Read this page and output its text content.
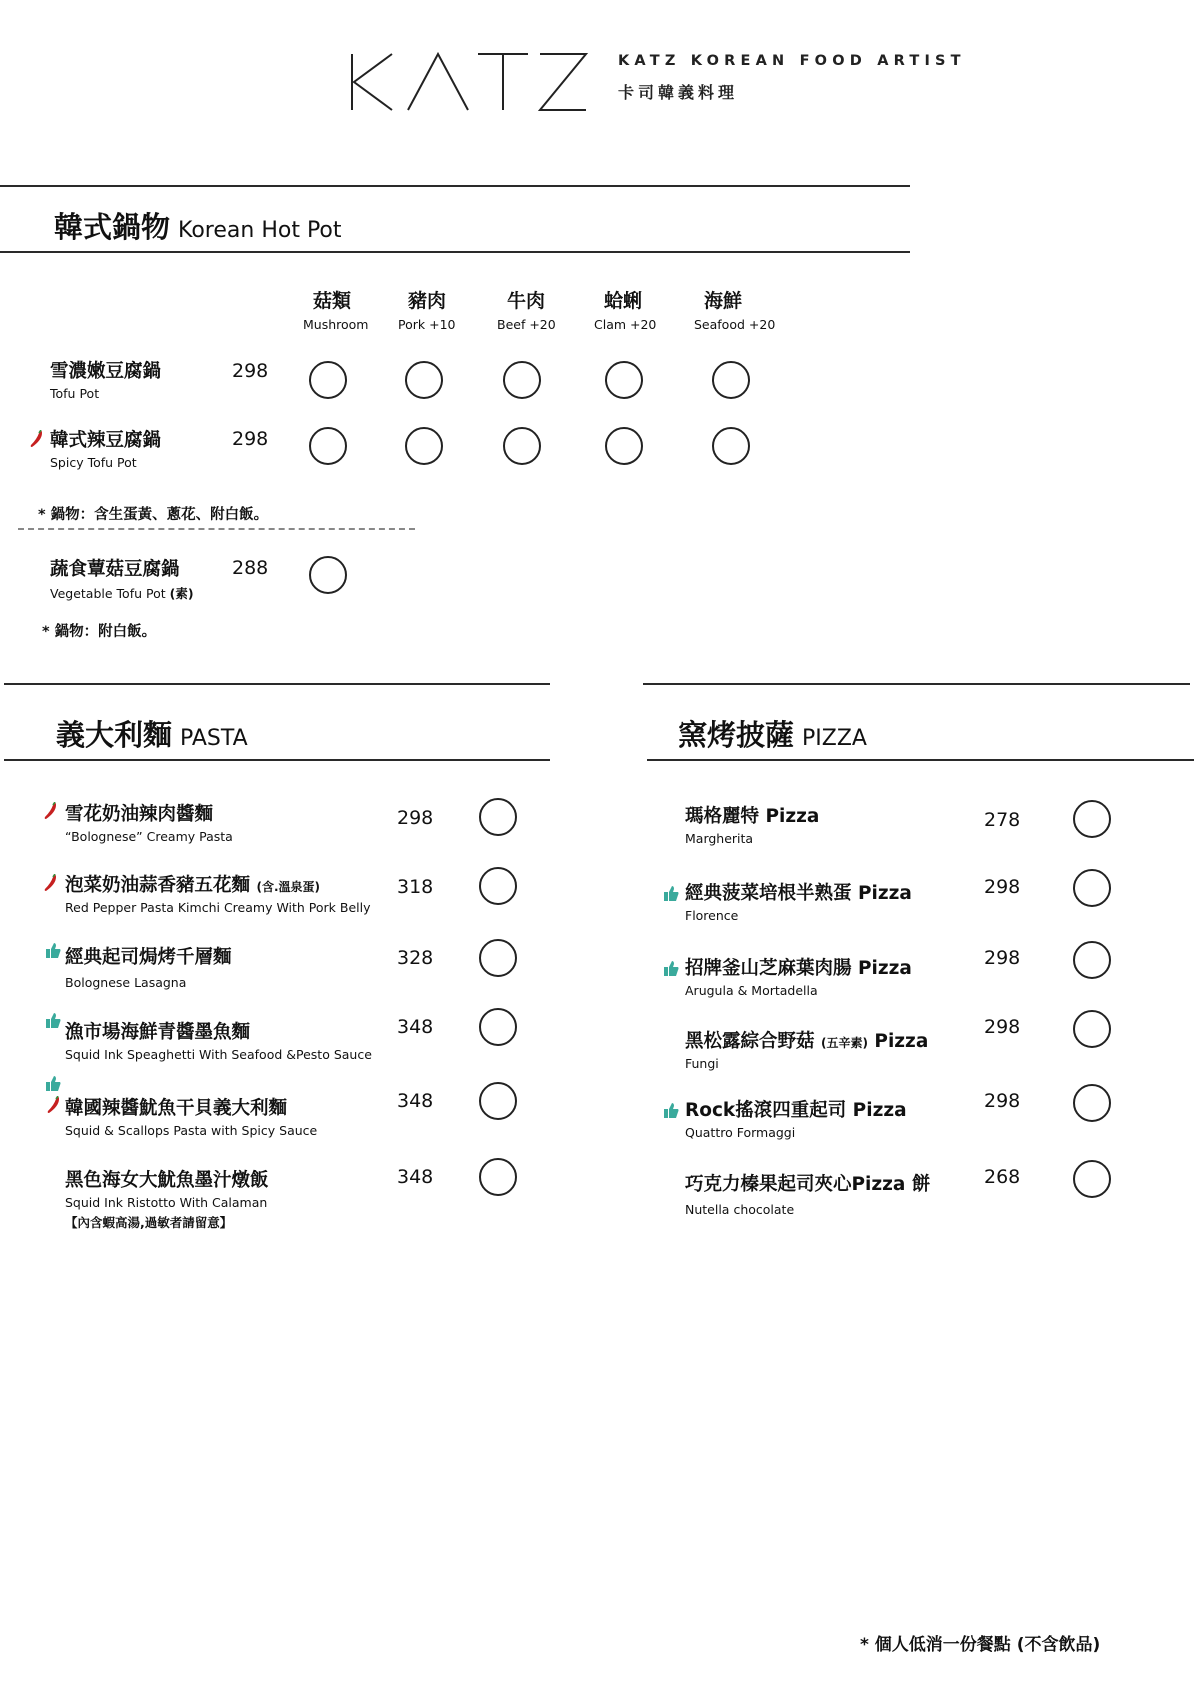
KATZ KOREAN FOOD ARTIST
卡司韓義料理
韓式鍋物 Korean Hot Pot
菇類
Mushroom
豬肉
Pork +10
牛肉
Beef +20
蛤蜊
Clam +20
海鮮
Seafood +20
雪濃嫩豆腐鍋
Tofu Pot
298
韓式辣豆腐鍋
Spicy Tofu Pot
298
* 鍋物：含生蛋黃、蔥花、附白飯。
蔬食蕈菇豆腐鍋
Vegetable Tofu Pot (素)
288
* 鍋物：附白飯。
義大利麵 PASTA	窯烤披薩 PIZZA
雪花奶油辣肉醬麵
“Bolognese” Creamy Pasta
298
泡菜奶油蒜香豬五花麵 (含.溫泉蛋)
Red Pepper Pasta Kimchi Creamy With Pork Belly
318
經典起司焗烤千層麵
Bolognese Lasagna
328
漁市場海鮮青醬墨魚麵
Squid Ink Speaghetti With Seafood &Pesto Sauce
348
韓國辣醬魷魚干貝義大利麵
Squid & Scallops Pasta with Spicy Sauce
348
黑色海女大魷魚墨汁燉飯
Squid Ink Ristotto With Calaman
【內含蝦高湯,過敏者請留意】
348
瑪格麗特 Pizza
Margherita
278
經典菠菜培根半熟蛋 Pizza
Florence
298
招牌釜山芝麻葉肉腸 Pizza
Arugula & Mortadella
298
黑松露綜合野菇 (五辛素) Pizza
Fungi
298
Rock搖滾四重起司 Pizza
Quattro Formaggi
298
巧克力榛果起司夾心Pizza 餅
Nutella chocolate
268
* 個人低消一份餐點 (不含飲品)
